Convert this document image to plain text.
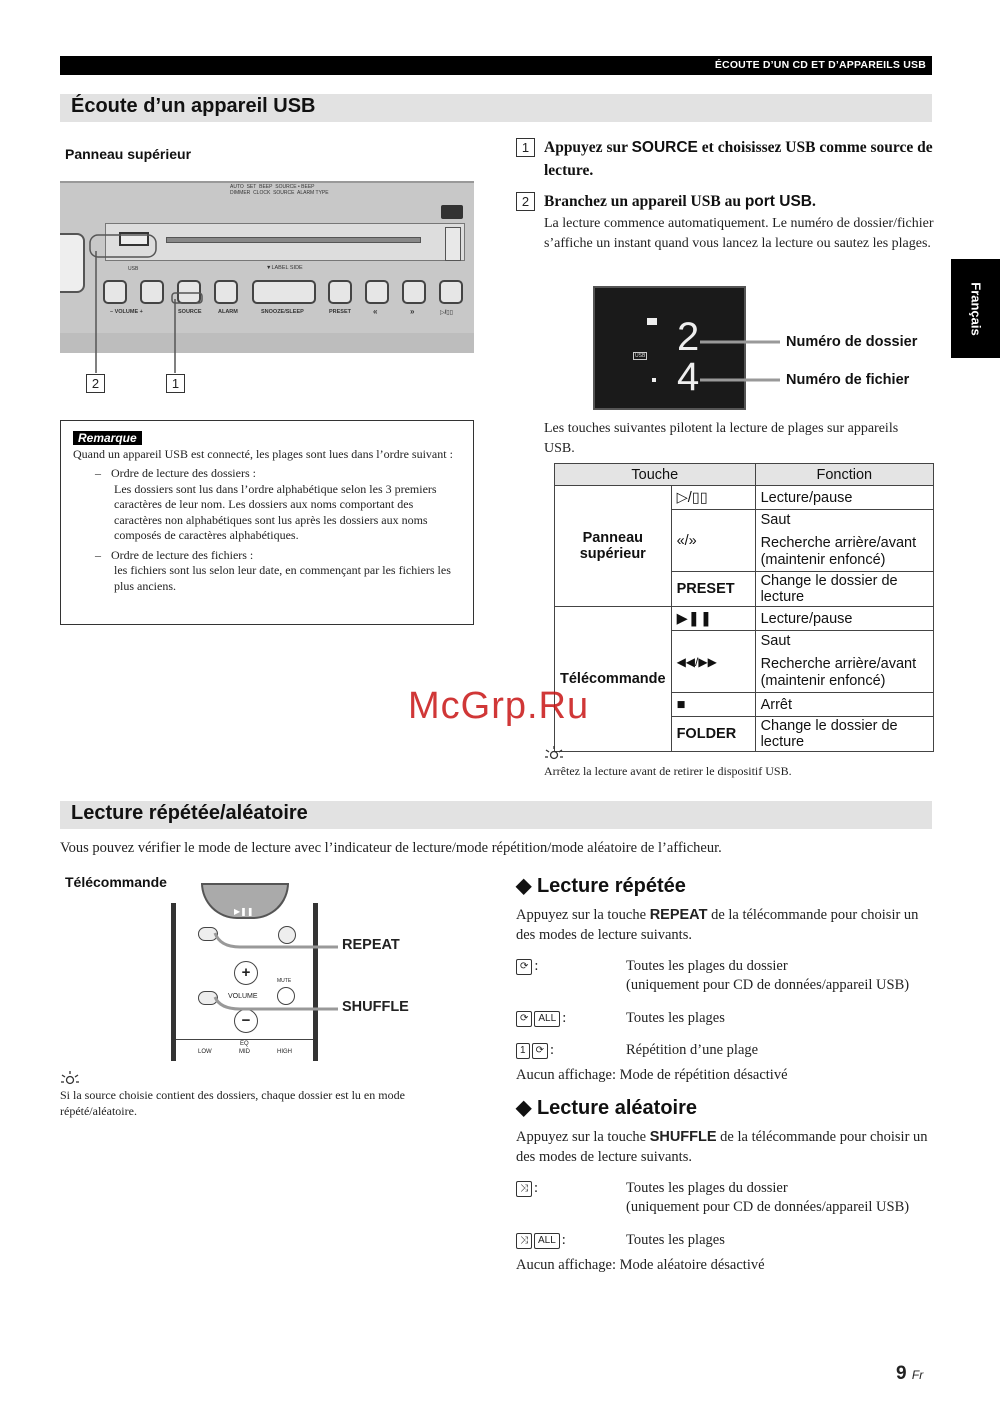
ÉCOUTE D’UN CD ET D’APPAREILS USB
Français
Écoute d’un appareil USB
Panneau supérieur
AUTO SET BEEP SOURCE • BEEP
DIMMER CLOCK SOURCE ALARM TYPE
USB	▼LABEL SIDE
– VOLUME +	SOURCE	ALARM	SNOOZE/SLEEP	PRESET	«	»	▷/▯▯
2	1
Remarque
Quand un appareil USB est connecté, les plages sont lues dans l’ordre suivant :
– Ordre de lecture des dossiers :
Les dossiers sont lus dans l’ordre alphabétique selon les 3 premiers caractères de leur nom. Les dossiers aux noms comportant des caractères non alphabétiques sont lus après les dossiers aux noms composés de caractères alphabétiques.
– Ordre de lecture des fichiers :
les fichiers sont lus selon leur date, en commençant par les fichiers les plus anciens.
1 Appuyez sur SOURCE et choisissez USB comme source de lecture.
2 Branchez un appareil USB au port USB.
La lecture commence automatiquement. Le numéro de dossier/fichier s’affiche un instant quand vous lancez la lecture ou sautez les plages.
USB 2
4
Numéro de dossier
Numéro de fichier
Les touches suivantes pilotent la lecture de plages sur appareils USB.
Touche		Fonction
Panneau supérieur	▷/▯▯	Lecture/pause
	«/»	Saut
Recherche arrière/avant (maintenir enfoncé)

	PRESET	Change le dossier de lecture
Télécommande	▶❚❚	Lecture/pause
	◀◀/▶▶	Saut
Recherche arrière/avant (maintenir enfoncé)

	■	Arrêt
	FOLDER	Change le dossier de lecture
Arrêtez la lecture avant de retirer le dispositif USB.
McGrp.Ru
Lecture répétée/aléatoire
Vous pouvez vérifier le mode de lecture avec l’indicateur de lecture/mode répétition/mode aléatoire de l’afficheur.
Télécommande
▶❚❚
+
VOLUME
MUTE
−
EQ
LOW	MID	HIGH
REPEAT
SHUFFLE
Si la source choisie contient des dossiers, chaque dossier est lu en mode répété/aléatoire.
◆ Lecture répétée
Appuyez sur la touche REPEAT de la télécommande pour choisir un des modes de lecture suivants.
⟳ :	Toutes les plages du dossier
(uniquement pour CD de données/appareil USB)
⟳ ALL :	Toutes les plages
1 ⟳ :	Répétition d’une plage
Aucun affichage: Mode de répétition désactivé
◆ Lecture aléatoire
Appuyez sur la touche SHUFFLE de la télécommande pour choisir un des modes de lecture suivants.
⤨ :	Toutes les plages du dossier
(uniquement pour CD de données/appareil USB)
⤨ ALL :	Toutes les plages
Aucun affichage: Mode aléatoire désactivé
9 Fr
